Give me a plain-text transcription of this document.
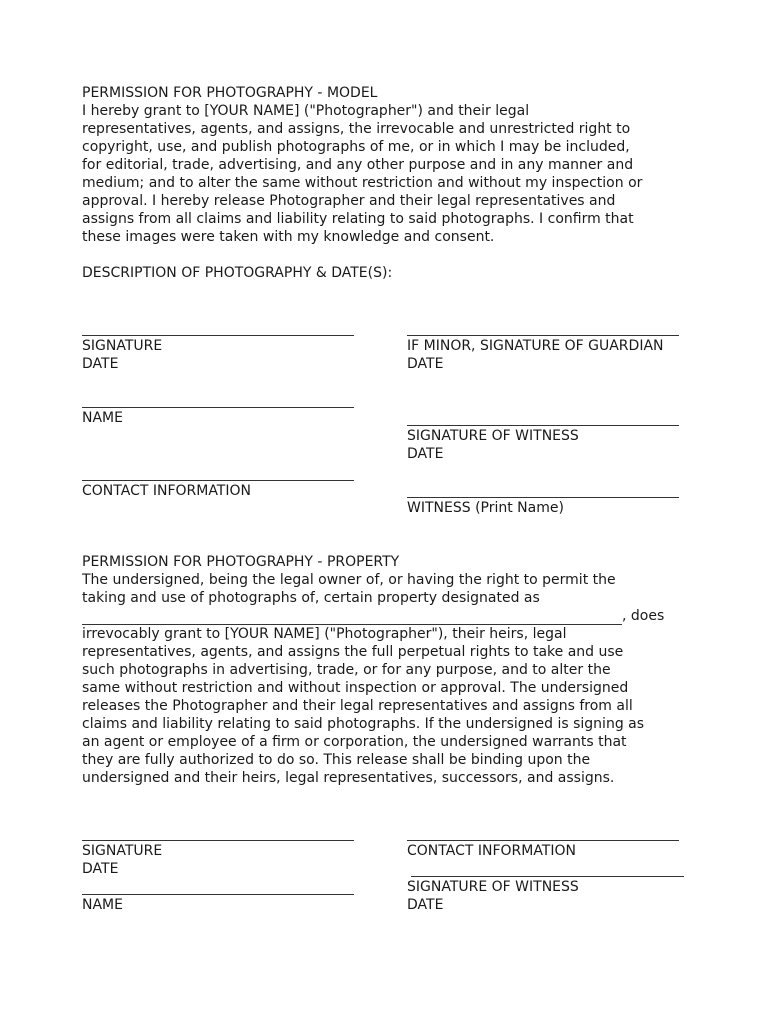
PERMISSION FOR PHOTOGRAPHY - MODEL
I hereby grant to [YOUR NAME] ("Photographer") and their legal
representatives, agents, and assigns, the irrevocable and unrestricted right to
copyright, use, and publish photographs of me, or in which I may be included,
for editorial, trade, advertising, and any other purpose and in any manner and
medium; and to alter the same without restriction and without my inspection or
approval. I hereby release Photographer and their legal representatives and
assigns from all claims and liability relating to said photographs. I confirm that
these images were taken with my knowledge and consent.
DESCRIPTION OF PHOTOGRAPHY & DATE(S):
SIGNATURE
DATE
IF MINOR, SIGNATURE OF GUARDIAN
DATE
NAME
SIGNATURE OF WITNESS
DATE
CONTACT INFORMATION
WITNESS (Print Name)
PERMISSION FOR PHOTOGRAPHY - PROPERTY
The undersigned, being the legal owner of, or having the right to permit the
taking and use of photographs of, certain property designated as
, does
irrevocably grant to [YOUR NAME] ("Photographer"), their heirs, legal
representatives, agents, and assigns the full perpetual rights to take and use
such photographs in advertising, trade, or for any purpose, and to alter the
same without restriction and without inspection or approval. The undersigned
releases the Photographer and their legal representatives and assigns from all
claims and liability relating to said photographs. If the undersigned is signing as
an agent or employee of a firm or corporation, the undersigned warrants that
they are fully authorized to do so. This release shall be binding upon the
undersigned and their heirs, legal representatives, successors, and assigns.
SIGNATURE
DATE
CONTACT INFORMATION
SIGNATURE OF WITNESS
DATE
NAME
